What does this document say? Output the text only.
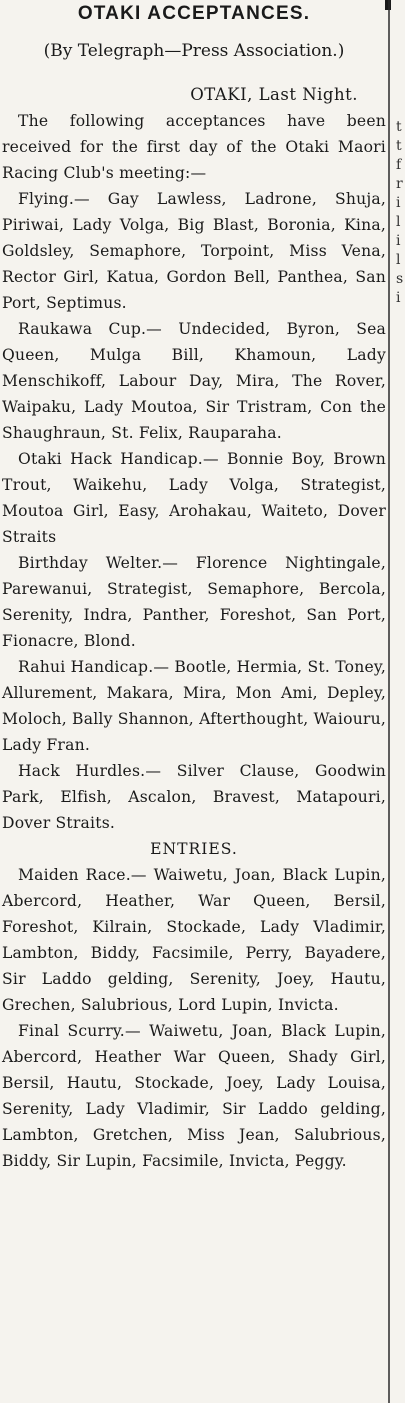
OTAKI ACCEPTANCES.

(By Telegraph—Press Association.)

OTAKI, Last Night.

The following acceptances have been received for the first day of the Otaki Maori Racing Club's meeting:—

Flying.— Gay Lawless, Ladrone, Shuja, Piriwai, Lady Volga, Big Blast, Boronia, Kina, Goldsley, Semaphore, Torpoint, Miss Vena, Rector Girl, Katua, Gordon Bell, Panthea, San Port, Septimus.

Raukawa Cup.— Undecided, Byron, Sea Queen, Mulga Bill, Khamoun, Lady Menschikoff, Labour Day, Mira, The Rover, Waipaku, Lady Moutoa, Sir Tristram, Con the Shaughraun, St. Felix, Rauparaha.

Otaki Hack Handicap.— Bonnie Boy, Brown Trout, Waikehu, Lady Volga, Strategist, Moutoa Girl, Easy, Arohakau, Waiteto, Dover Straits

Birthday Welter.— Florence Nightingale, Parewanui, Strategist, Semaphore, Bercola, Serenity, Indra, Panther, Foreshot, San Port, Fionacre, Blond.

Rahui Handicap.— Bootle, Hermia, St. Toney, Allurement, Makara, Mira, Mon Ami, Depley, Moloch, Bally Shannon, Afterthought, Waiouru, Lady Fran.

Hack Hurdles.— Silver Clause, Goodwin Park, Elfish, Ascalon, Bravest, Matapouri, Dover Straits.

ENTRIES.

Maiden Race.— Waiwetu, Joan, Black Lupin, Abercord, Heather, War Queen, Bersil, Foreshot, Kilrain, Stockade, Lady Vladimir, Lambton, Biddy, Facsimile, Perry, Bayadere, Sir Laddo gelding, Serenity, Joey, Hautu, Grechen, Salubrious, Lord Lupin, Invicta.

Final Scurry.— Waiwetu, Joan, Black Lupin, Abercord, Heather War Queen, Shady Girl, Bersil, Hautu, Stockade, Joey, Lady Louisa, Serenity, Lady Vladimir, Sir Laddo gelding, Lambton, Gretchen, Miss Jean, Salubrious, Biddy, Sir Lupin, Facsimile, Invicta, Peggy.

t
t
f
r
i
l
i
l
s
i
